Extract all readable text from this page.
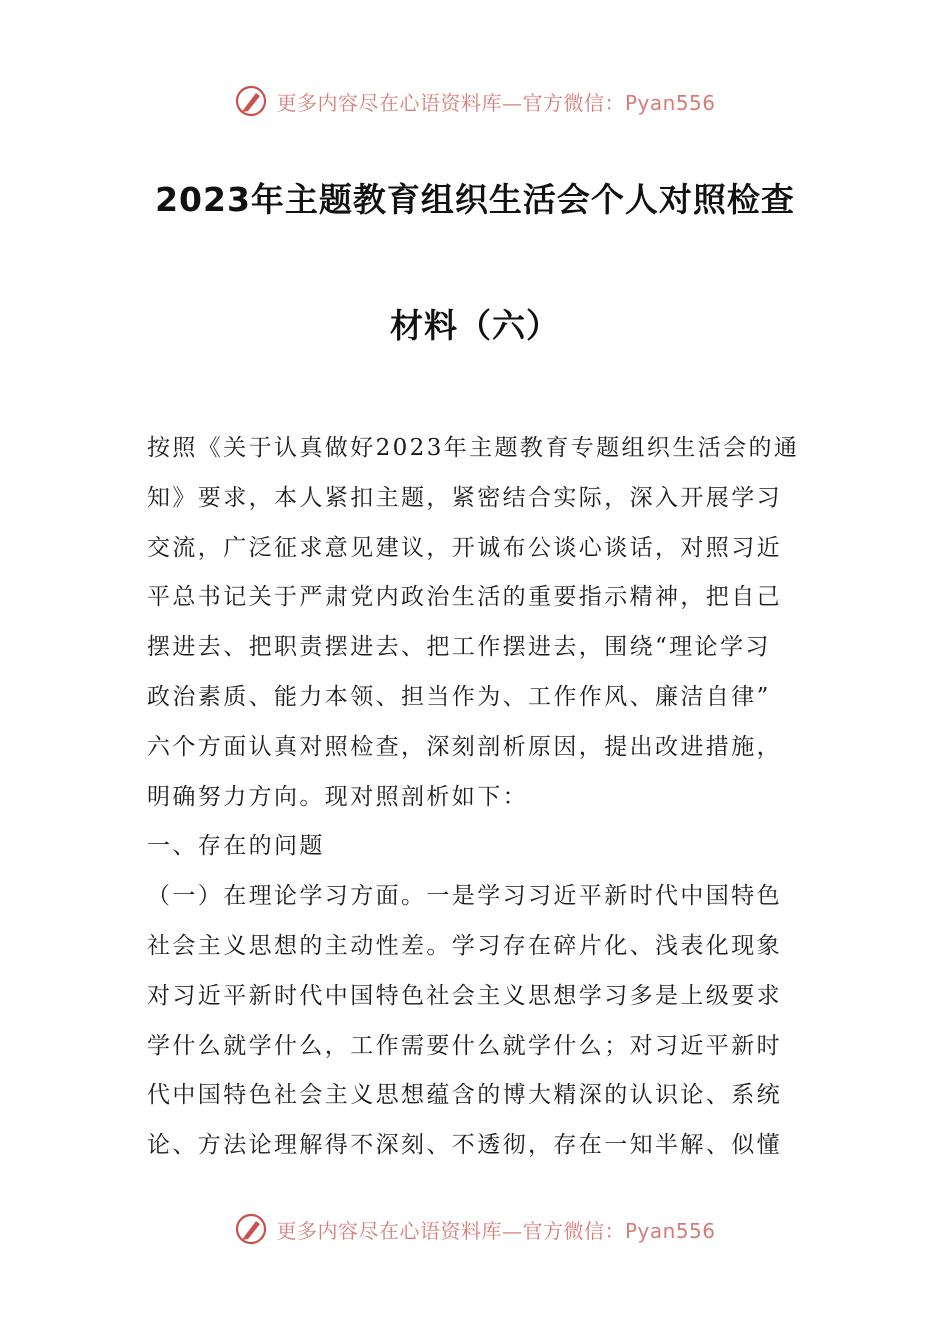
更多内容尽在心语资料库—官方微信：Pyan556
2023年主题教育组织生活会个人对照检查
材料（六）
按照《关于认真做好2023年主题教育专题组织生活会的通
知》要求，本人紧扣主题，紧密结合实际，深入开展学习
交流，广泛征求意见建议，开诚布公谈心谈话，对照习近
平总书记关于严肃党内政治生活的重要指示精神，把自己
摆进去、把职责摆进去、把工作摆进去，围绕“理论学习
政治素质、能力本领、担当作为、工作作风、廉洁自律”
六个方面认真对照检查，深刻剖析原因，提出改进措施，
明确努力方向。现对照剖析如下：
一、存在的问题
（一）在理论学习方面。一是学习习近平新时代中国特色
社会主义思想的主动性差。学习存在碎片化、浅表化现象
对习近平新时代中国特色社会主义思想学习多是上级要求
学什么就学什么，工作需要什么就学什么；对习近平新时
代中国特色社会主义思想蕴含的博大精深的认识论、系统
论、方法论理解得不深刻、不透彻，存在一知半解、似懂
更多内容尽在心语资料库—官方微信：Pyan556
